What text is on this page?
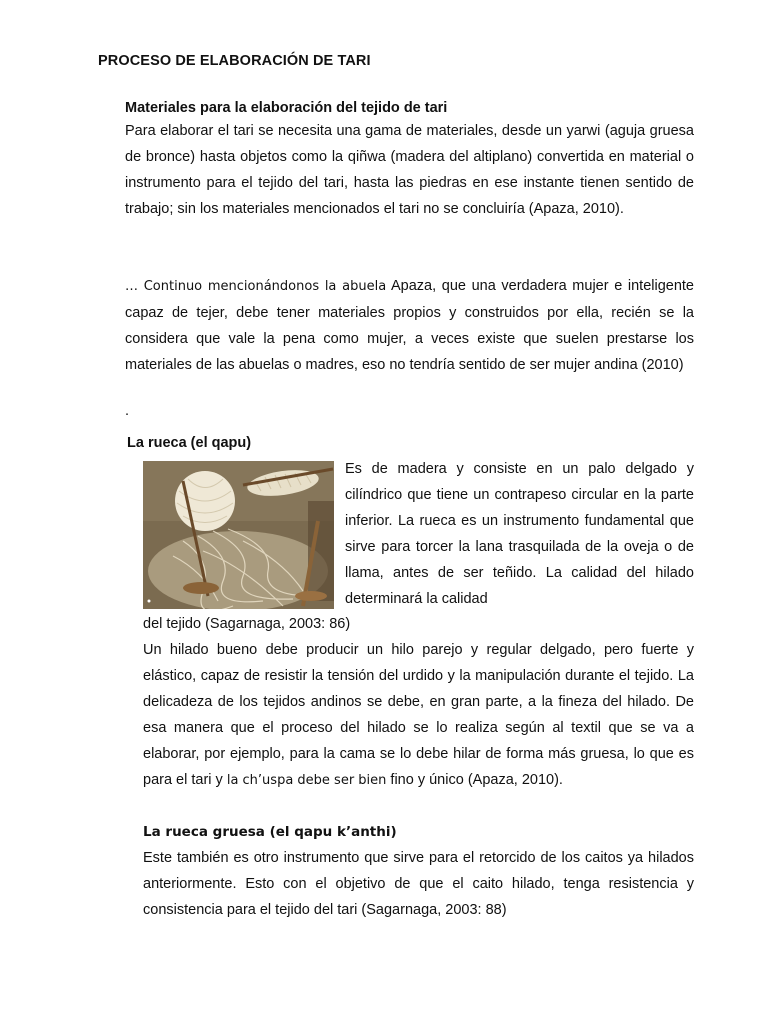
PROCESO DE ELABORACIÓN DE TARI
Materiales para la elaboración del tejido de tari
Para elaborar el tari se necesita una gama de materiales, desde un yarwi (aguja gruesa de bronce) hasta objetos como la qiñwa (madera del altiplano) convertida en material o instrumento para el tejido del tari, hasta las piedras en ese instante tienen sentido de trabajo; sin los materiales mencionados el tari no se concluiría (Apaza, 2010).
… Continuo mencionándonos la abuela Apaza, que una verdadera mujer e inteligente capaz de tejer, debe tener materiales propios y construidos por ella, recién se la considera que vale la pena como mujer, a veces existe que suelen prestarse los materiales de las abuelas o madres, eso no tendría sentido de ser mujer andina (2010)
.
La rueca (el qapu)
Es de madera y consiste en un palo delgado y cilíndrico que tiene un contrapeso circular en la parte inferior. La rueca es un instrumento fundamental que sirve para torcer la lana trasquilada de la oveja o de llama, antes de ser teñido. La calidad del hilado determinará la calidad
del tejido (Sagarnaga, 2003: 86)
Un hilado bueno debe producir un hilo parejo y regular delgado, pero fuerte y elástico, capaz de resistir la tensión del urdido y la manipulación durante el tejido. La delicadeza de los tejidos andinos se debe, en gran parte, a la fineza del hilado. De esa manera que el proceso del hilado se lo realiza según al textil que se va a elaborar, por ejemplo, para la cama se lo debe hilar de forma más gruesa, lo que es para el tari y la ch’uspa debe ser bien fino y único (Apaza, 2010).
La rueca gruesa (el qapu k’anthi)
Este también es otro instrumento que sirve para el retorcido de los caitos ya hilados anteriormente. Esto con el objetivo de que el caito hilado, tenga resistencia y consistencia para el tejido del tari (Sagarnaga, 2003: 88)
